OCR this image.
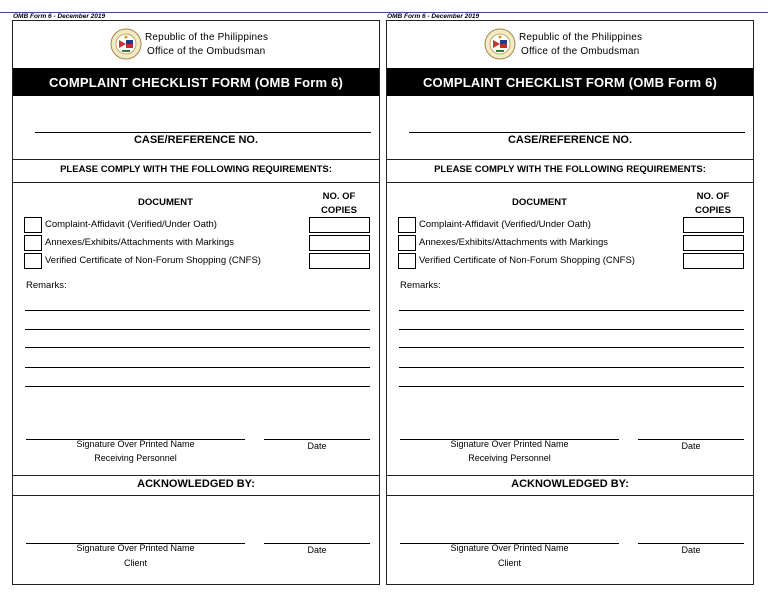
OMB Form 6 - December 2019	OMB Form 6 - December 2019
Republic of the Philippines
Office of the Ombudsman
COMPLAINT CHECKLIST FORM (OMB Form 6)
CASE/REFERENCE NO.
PLEASE COMPLY WITH THE FOLLOWING REQUIREMENTS:
DOCUMENT
NO. OF
COPIES
Complaint-Affidavit (Verified/Under Oath)
Annexes/Exhibits/Attachments with Markings
Verified Certificate of Non-Forum Shopping (CNFS)
Remarks:
Signature Over Printed Name
Receiving Personnel
Date
ACKNOWLEDGED BY:
Signature Over Printed Name
Client
Date
Republic of the Philippines
Office of the Ombudsman
COMPLAINT CHECKLIST FORM (OMB Form 6)
CASE/REFERENCE NO.
PLEASE COMPLY WITH THE FOLLOWING REQUIREMENTS:
DOCUMENT
NO. OF
COPIES
Complaint-Affidavit (Verified/Under Oath)
Annexes/Exhibits/Attachments with Markings
Verified Certificate of Non-Forum Shopping (CNFS)
Remarks:
Signature Over Printed Name
Receiving Personnel
Date
ACKNOWLEDGED BY:
Signature Over Printed Name
Client
Date
